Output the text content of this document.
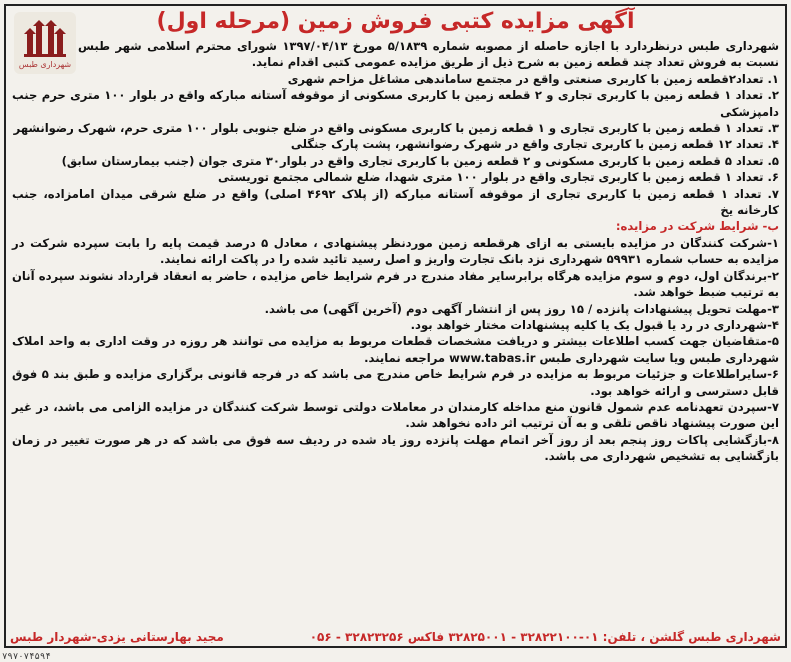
شهرداری طبس
آگهی مزایده کتبی فروش زمین (مرحله اول)

شهرداری طبس درنظردارد با اجازه حاصله از مصوبه شماره ۵/۱۸۳۹ مورخ ۱۳۹۷/۰۴/۱۳ شورای محترم اسلامی شهر طبس نسبت به فروش تعداد چند قطعه زمین به شرح ذیل از طریق مزایده عمومی کتبی اقدام نماید.

۱. تعداد۲قطعه زمین با کاربری صنعتی واقع در مجتمع ساماندهی مشاغل مزاحم شهری

۲. تعداد ۱ قطعه زمین با کاربری تجاری و ۲ قطعه زمین با کاربری مسکونی از موقوفه آستانه مبارکه واقع در بلوار ۱۰۰ متری حرم جنب دامپزشکی

۳. تعداد ۱ قطعه زمین با کاربری تجاری و ۱ قطعه زمین با کاربری مسکونی واقع در ضلع جنوبی بلوار ۱۰۰ متری حرم، شهرک رضوانشهر

۴. تعداد ۱۲ قطعه زمین با کاربری تجاری واقع در شهرک رضوانشهر، پشت پارک جنگلی

۵. تعداد ۵ قطعه زمین با کاربری مسکونی و ۲ قطعه زمین با کاربری تجاری واقع در بلوار۳۰ متری جوان (جنب بیمارستان سابق)

۶. تعداد ۱ قطعه زمین با کاربری تجاری واقع در بلوار ۱۰۰ متری شهدا، ضلع شمالی مجتمع توریستی

۷. تعداد ۱ قطعه زمین با کاربری تجاری از موقوفه آستانه مبارکه (از پلاک ۴۶۹۲ اصلی) واقع در ضلع شرقی میدان امامزاده، جنب کارخانه یخ

ب- شرایط شرکت در مزایده:

۱-شرکت کنندگان در مزایده بایستی به ازای هرقطعه زمین موردنظر پیشنهادی ، معادل ۵ درصد قیمت پایه را بابت سپرده شرکت در مزایده به حساب شماره ۵۹۹۳۱ شهرداری نزد بانک تجارت واریز و اصل رسید تائید شده را در پاکت ارائه نمایند.

۲-برندگان اول، دوم و سوم مزایده هرگاه برابرسایر مفاد مندرج در فرم شرایط خاص مزایده ، حاضر به انعقاد قرارداد نشوند سپرده آنان به ترتیب ضبط خواهد شد.

۳-مهلت تحویل پیشنهادات پانزده / ۱۵ روز پس از انتشار آگهی دوم (آخرین آگهی) می باشد.

۴-شهرداری در رد یا قبول یک یا کلیه پیشنهادات مختار خواهد بود.

۵-متقاضیان جهت کسب اطلاعات بیشتر و دریافت مشخصات قطعات مربوط به مزایده می توانند هر روزه در وقت اداری به واحد املاک شهرداری طبس ویا سایت شهرداری طبس www.tabas.ir مراجعه نمایند.

۶-سایراطلاعات و جزئیات مربوط به مزایده در فرم شرایط خاص مندرج می باشد که در فرجه قانونی برگزاری مزایده و طبق بند ۵ فوق قابل دسترسی و ارائه خواهد بود.

۷-سپردن تعهدنامه عدم شمول قانون منع مداخله کارمندان در معاملات دولتی توسط شرکت کنندگان در مزایده الزامی می باشد، در غیر این صورت پیشنهاد ناقص تلقی و به آن ترتیب اثر داده نخواهد شد.

۸-بازگشایی پاکات روز پنجم بعد از روز آخر اتمام مهلت پانزده روز یاد شده در ردیف سه فوق می باشد که در هر صورت تغییر در زمان بازگشایی به تشخیص شهرداری می باشد.

شهرداری طبس گلشن ، تلفن: ۰۱-۳۲۸۲۲۱۰۰ - ۳۲۸۲۵۰۰۱ فاکس ۳۲۸۲۳۲۵۶ - ۰۵۶
مجید بهارستانی یزدی-شهردار طبس
۷۹۷۰۷۴۵۹۴
